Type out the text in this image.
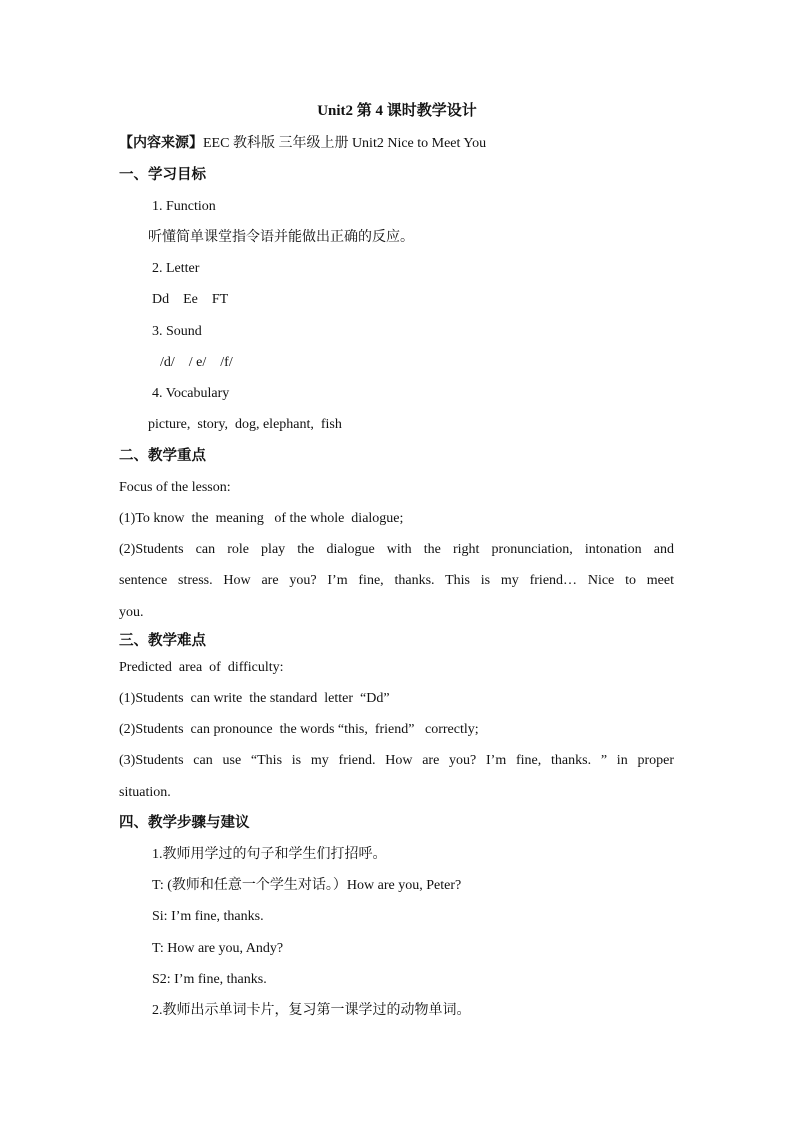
Unit2 第 4 课时教学设计
【内容来源】EEC 教科版 三年级上册 Unit2 Nice to Meet You
一、学习目标
1. Function
听懂简单课堂指令语并能做出正确的反应。
2. Letter
Dd    Ee    FT
3. Sound
/d/    / e/    /f/
4. Vocabulary
picture,  story,  dog, elephant,  fish
二、教学重点
Focus of the lesson:
(1)To know  the  meaning   of the whole  dialogue;
(2)Students can role play the dialogue with the right pronunciation, intonation and
sentence stress. How are you? I’m fine, thanks. This is my friend… Nice to meet
you.
三、教学难点
Predicted  area  of  difficulty:
(1)Students  can write  the standard  letter  “Dd”
(2)Students  can pronounce  the words “this,  friend”   correctly;
(3)Students can use “This is my friend. How are you? I’m fine, thanks. ” in proper
situation.
四、教学步骤与建议
1.教师用学过的句子和学生们打招呼。
T: (教师和任意一个学生对话。）How are you, Peter?
Si: I’m fine, thanks.
T: How are you, Andy?
S2: I’m fine, thanks.
2.教师出示单词卡片，复习第一课学过的动物单词。
